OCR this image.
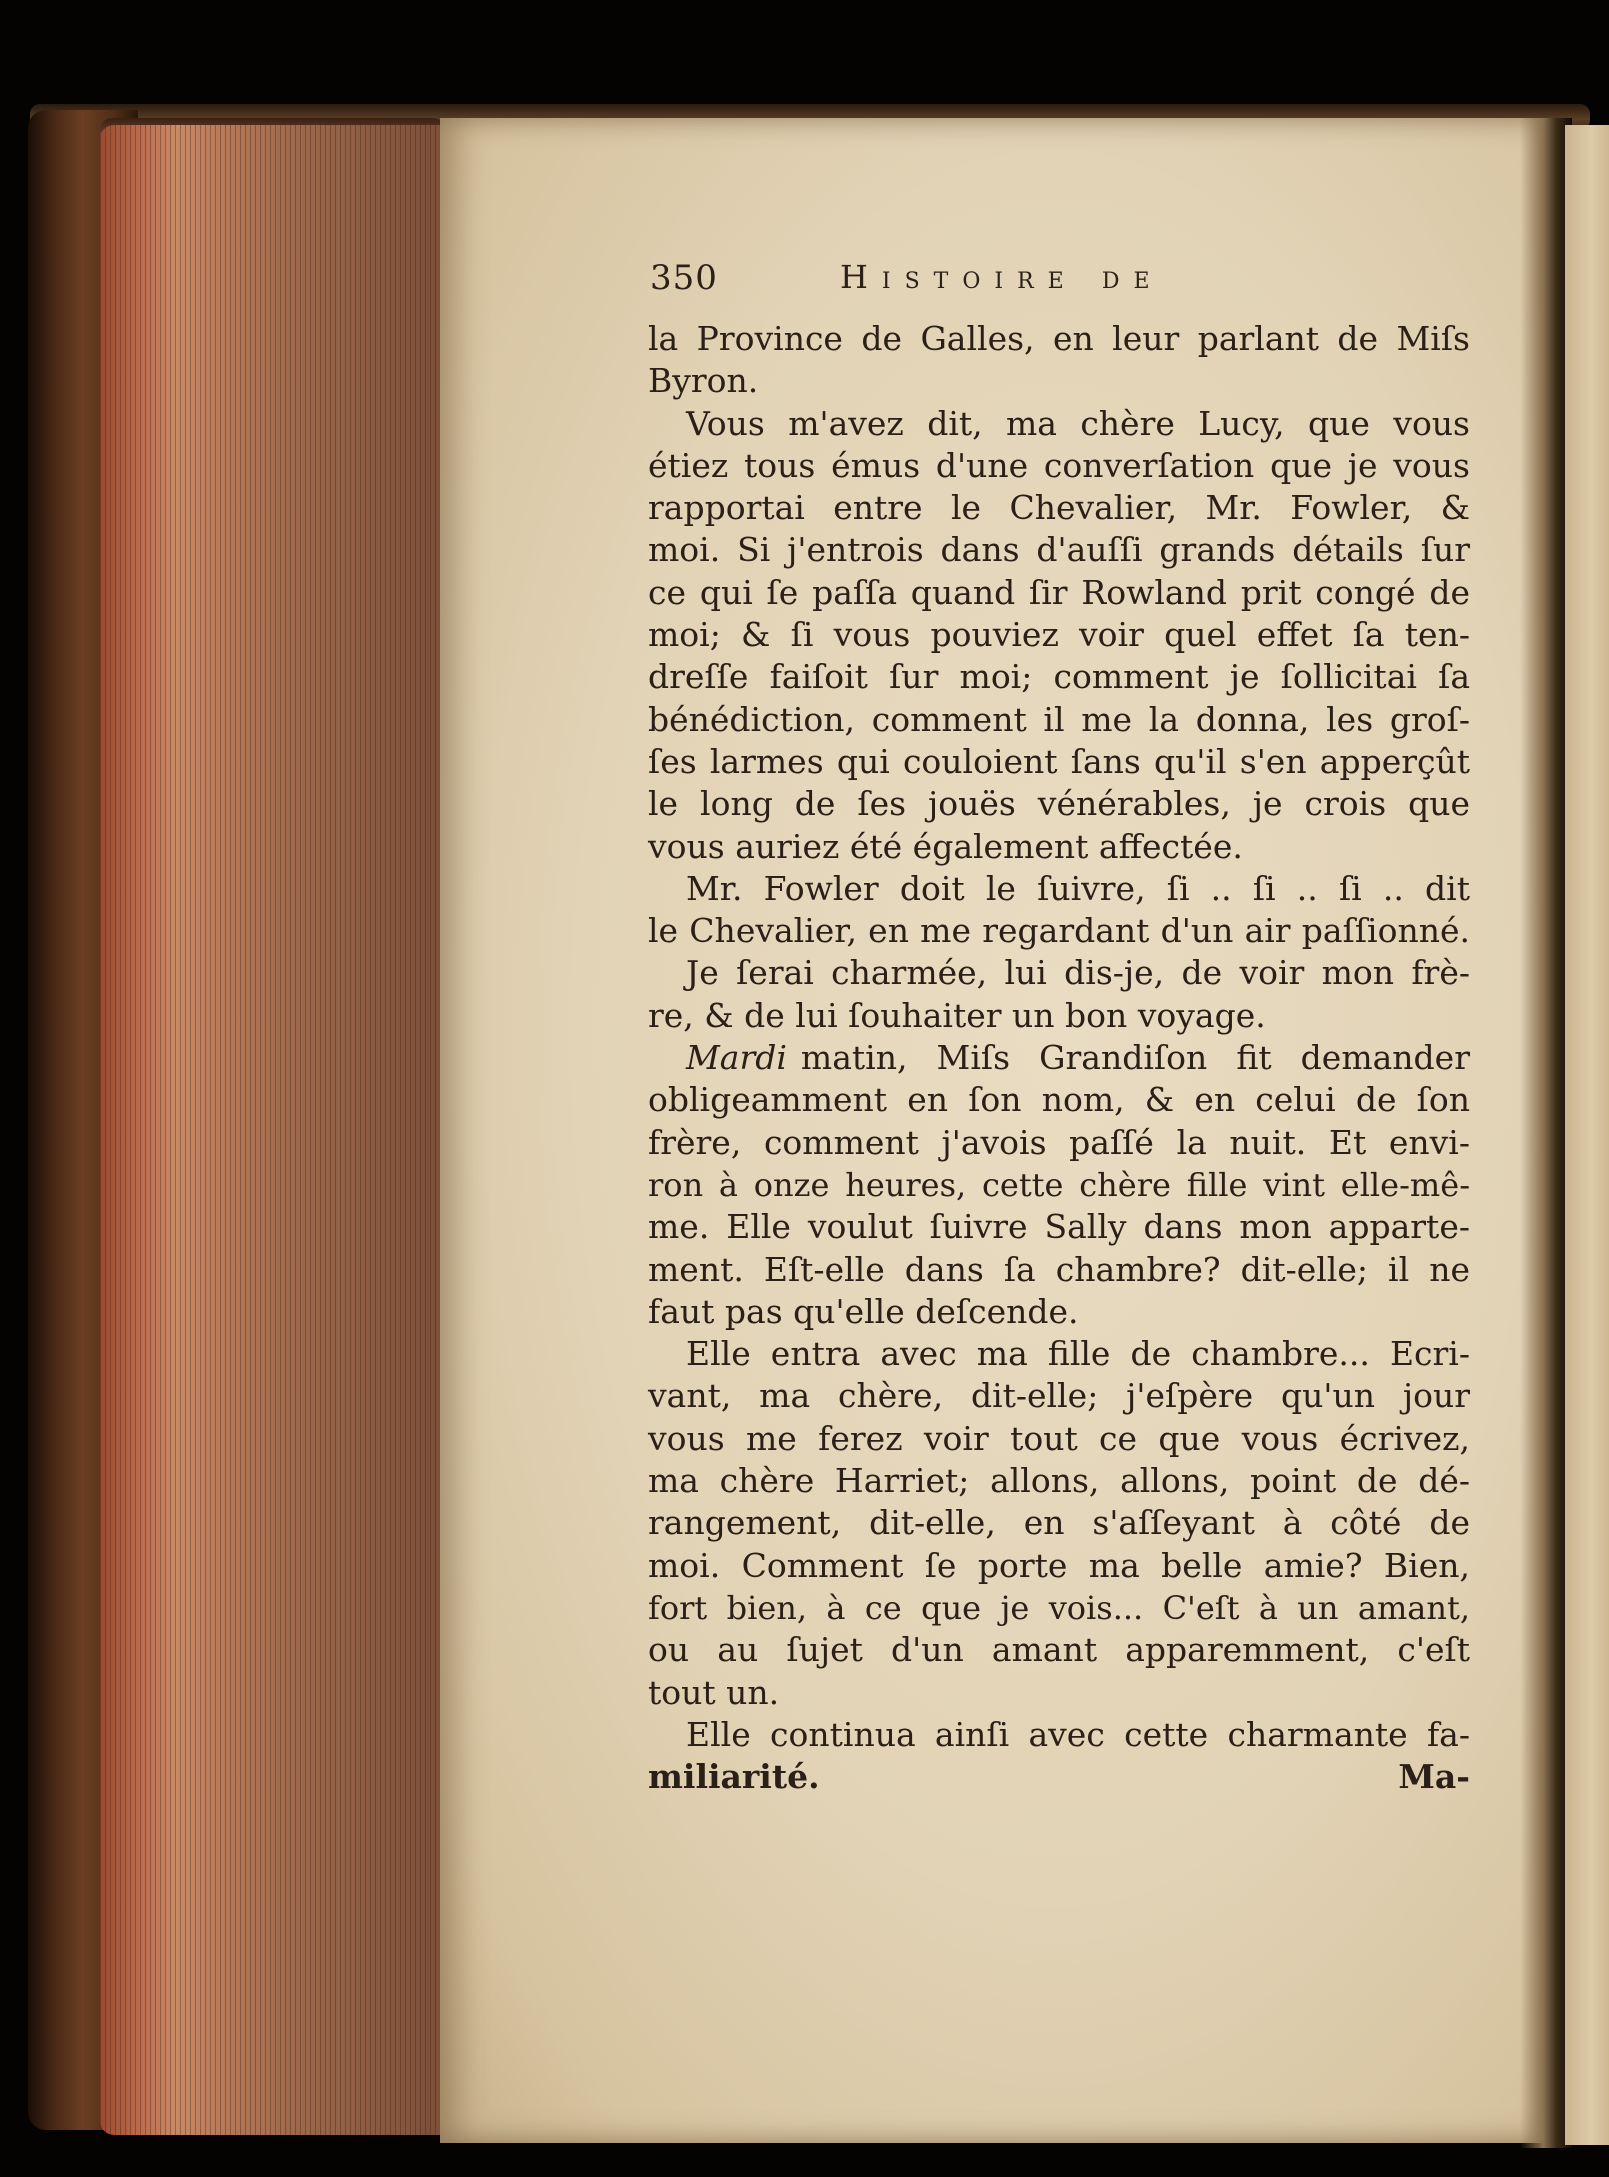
350	Histoire de
la Province de Galles, en leur parlant de Miſs
Byron.
Vous m'avez dit, ma chère Lucy, que vous
étiez tous émus d'une converſation que je vous
rapportai entre le Chevalier, Mr. Fowler, &
moi. Si j'entrois dans d'auſſi grands détails ſur
ce qui ſe paſſa quand ſir Rowland prit congé de
moi; & ſi vous pouviez voir quel effet ſa ten-
dreſſe faiſoit ſur moi; comment je ſollicitai ſa
bénédiction, comment il me la donna, les groſ-
ſes larmes qui couloient ſans qu'il s'en apperçût
le long de ſes jouës vénérables, je crois que
vous auriez été également affectée.
Mr. Fowler doit le ſuivre, ſi .. ſi .. ſi .. dit
le Chevalier, en me regardant d'un air paſſionné.
Je ſerai charmée, lui dis-je, de voir mon frè-
re, & de lui ſouhaiter un bon voyage.
Mardi matin, Miſs Grandiſon fit demander
obligeamment en ſon nom, & en celui de ſon
frère, comment j'avois paſſé la nuit. Et envi-
ron à onze heures, cette chère fille vint elle-mê-
me. Elle voulut ſuivre Sally dans mon apparte-
ment. Eſt-elle dans ſa chambre? dit-elle; il ne
faut pas qu'elle deſcende.
Elle entra avec ma fille de chambre... Ecri-
vant, ma chère, dit-elle; j'eſpère qu'un jour
vous me ferez voir tout ce que vous écrivez,
ma chère Harriet; allons, allons, point de dé-
rangement, dit-elle, en s'aſſeyant à côté de
moi. Comment ſe porte ma belle amie? Bien,
fort bien, à ce que je vois... C'eſt à un amant,
ou au ſujet d'un amant apparemment, c'eſt
tout un.
Elle continua ainſi avec cette charmante fa-
miliarité.	Ma-
